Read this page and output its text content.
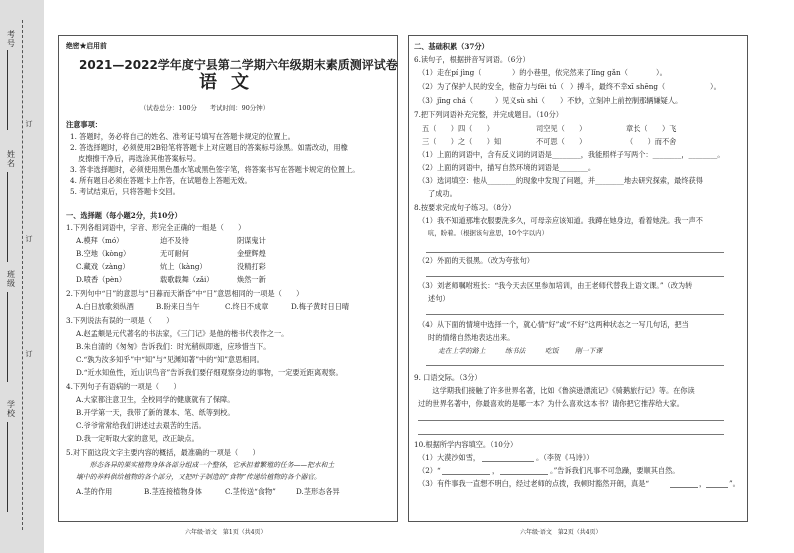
考号
订
姓名
订
班级
订
学校
绝密★启用前
2021—2022学年度宁县第二学期六年级期末素质测评试卷
语文
（试卷总分：100分　　考试时间：90分钟）
注意事项：
1. 答题时，务必将自己的姓名、准考证号填写在答题卡规定的位置上。
2. 答选择题时，必须使用2B铅笔将答题卡上对应题目的答案标号涂黑。如需改动，用橡
皮擦擦干净后，再选涂其他答案标号。
3. 答非选择题时，必须使用黑色墨水笔或黑色签字笔，将答案书写在答题卡规定的位置上。
4. 所有题目必须在答题卡上作答，在试题卷上答题无效。
5. 考试结束后，只将答题卡交回。
一、选择题（每小题2分，共10分）
1.下列各组词语中，字音、形完全正确的一组是（　　）
A.模拜（mó）	迫不及待	阴谋鬼计
B.空地（kòng）	无可耐何	金壁辉煌
C.藏戏（zàng）	炕上（kàng）	没精打彩
D.喷香（pèn）	载歌载舞（zǎi）	焕然一新
2.下列句中“日”的意思与“日暮而天渐昏”中“日”意思相同的一项是（　　）
A.白日放歌须纵酒	B.盼来日当午	C.终日不成章	D.梅子黄时日日晴
3.下列说法有误的一项是（　　）
A.赵孟頫是元代著名的书法家，《三门记》是他的楷书代表作之一。
B.朱自清的《匆匆》告诉我们：时光稍纵即逝，应珍惜当下。
C.“孰为汝多知乎”中“知”与“见渊知著”中的“知”意思相同。
D.“近水知鱼性，近山识鸟音”告诉我们要仔细观察身边的事物，一定要近距离观察。
4.下列句子有语病的一项是（　　）
A.大家都注意卫生，全校同学的健康就有了保障。
B.开学第一天，我带了新的课本、笔、纸等到校。
C.爷爷常常给我们讲述过去艰苦的生活。
D.我一定听取大家的意见，改正缺点。
5.对下面这段文字主要内容的概括，最准确的一项是（　　）
　　形态各异的果实植物身体各部分组成一个整体，它承担着繁殖的任务——把水和土
壤中的养料供给植物的各个部分，又把叶子制造的“食物”传递给植物的各个器官。
A.茎的作用	B.茎连接植物身体	C.茎传送“食物”	D.茎形态各异
六年级·语文　第1页（共4页）
二、基础积累（37分）
6.读句子，根据拼音写词语。（6分）
（1）走在pí jìng（	）的小巷里，依完然来了lǐng gǎn（	）。
（2）为了保护人民的安全，他奋力与fěi tú（ ）搏斗，最终不幸xī shēng（	）。
（3）jǐng chá（	）见义sù shì（ ）不妙，立刻冲上前控制那辆嫌疑人。
7.把下列词语补充完整，并完成题目。（10分）
五（　　）四（　　）	司空见（　　）	章长（　　）飞
三（　　）之（　　）知	不可思（　　）	（　　）而不舍
（1）上面的词语中，含有反义词的词语是________，我能照样子写两个：________，________。
（2）上面的词语中，描写自然环境的词语是________。
（3）选词填空：他从________的现象中发现了问题，并________地去研究探索，最终获得
了成功。
8.按要求完成句子练习。（8分）
（1）我不知道那堆衣服要洗多久，可母亲应该知道。我蹲在她身边，看着她洗。我一声不
吭，盼着。（根据该句意思，10个字以内）
（2）外面的天很黑。（改为夸张句）
（3）刘老师嘱咐班长：“我今天去区里参加培训，由王老师代替我上语文课。”（改为转
述句）
（4）从下面的情境中选择一个，就心情“好”或“不好”这两种状态之一写几句话，把当
时的情绪自然地表达出来。
走在上学的路上	练书法	吃饭 刚一下课
9. 口语交际。（3分）
　　这学期我们接触了许多世界名著，比如《鲁滨逊漂流记》《骑鹅旅行记》等。在你读
过的世界名著中，你最喜欢的是哪一本？为什么喜欢这本书？请你把它推荐给大家。
10.根据所学内容填空。（10分）
（1）大漠沙如雪，	。（李贺《马诗》）
（2）“	，	。”告诉我们凡事不可急躁，要顺其自然。
（3）有件事我一直想不明白，经过老师的点拨，我顿时豁然开朗，真是“	，	”。
六年级·语文　第2页（共4页）
